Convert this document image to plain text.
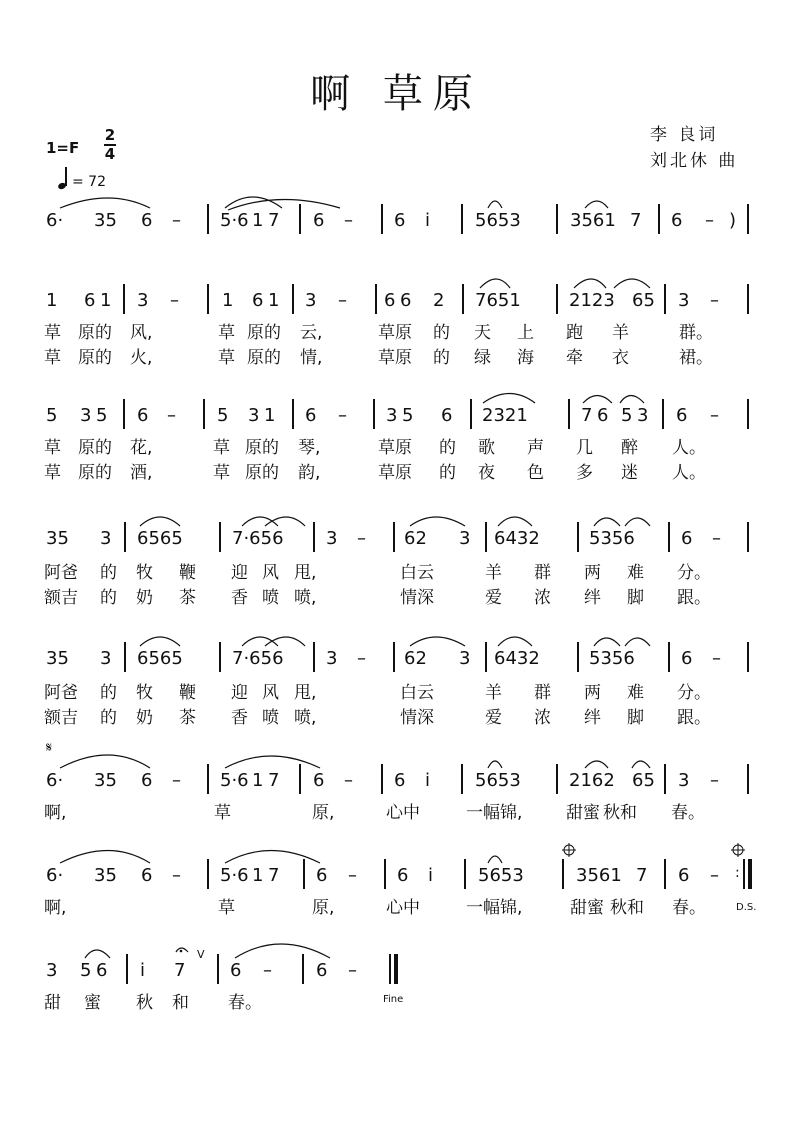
啊 草原
李 良词
刘北休 曲
1=F
2
4
= 72
6· 35 6 – 5·6 1 7 6 – 6 i 5653	3561 7 6 – )
1 6 1 3 – 1 6 1 3 – 6 6 2 7651	2123 65 3 –
草 原的 风,	草 原的 云,	草原 的 天 上 跑 羊	群。
草 原的 火,	草 原的 情,	草原 的 绿 海 牵 衣	裙。
5 3 5 6 – 5 3 1 6 – 3 5 6 2321	7 6 5 3 6 –
草 原的 花,	草 原的 琴,	草原 的 歌 声 几 醉 人。
草 原的 酒,	草 原的 韵,	草原 的 夜 色 多 迷 人。
35 3 6565	7·656 3 – 62 3 6432	5356	6 –
阿爸 的 牧 鞭 迎 风 甩,	白云	羊 群 两 难 分。
额吉 的 奶 茶 香 喷 喷,	情深	爱 浓 绊 脚 跟。
35 3 6565	7·656 3 – 62 3 6432	5356	6 –
阿爸 的 牧 鞭 迎 风 甩,	白云	羊 群 两 难 分。
额吉 的 奶 茶 香 喷 喷,	情深	爱 浓 绊 脚 跟。
𝄋
6· 35 6 – 5·6 1 7 6 – 6 i 5653	2162 65 3 –
啊,	草	原,	心中	一幅锦,	甜蜜 秋和 春。
6· 35 6 – 5·6 1 7 6 – 6 i 5653	3561 7 6 – :
啊,	草	原,	心中	一幅锦,	甜蜜 秋和 春。	D.S.
3 5 6 i 7
V
6 – 6 –
甜 蜜 秋 和 春。	Fine
